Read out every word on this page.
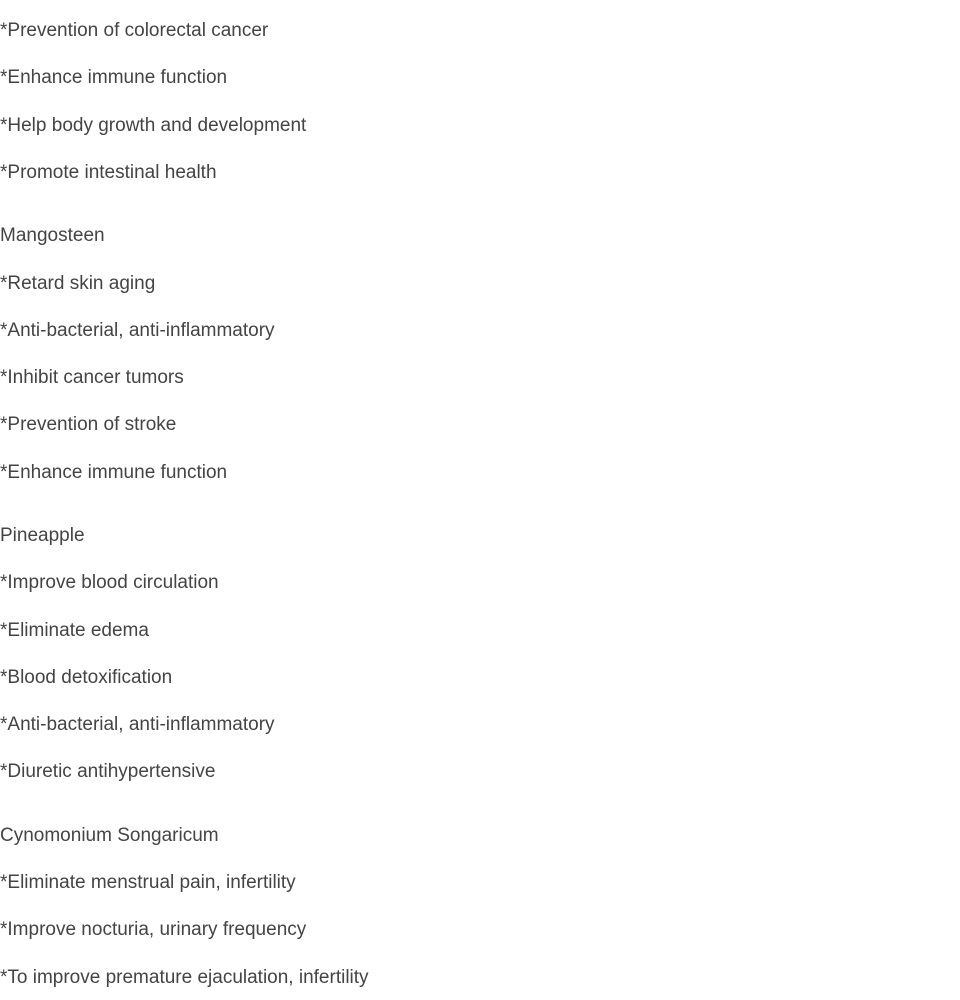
*Prevention of colorectal cancer
*Enhance immune function
*Help body growth and development
*Promote intestinal health
Mangosteen
*Retard skin aging
*Anti-bacterial, anti-inflammatory
*Inhibit cancer tumors
*Prevention of stroke
*Enhance immune function
Pineapple
*Improve blood circulation
*Eliminate edema
*Blood detoxification
*Anti-bacterial, anti-inflammatory
*Diuretic antihypertensive
Cynomonium Songaricum
*Eliminate menstrual pain, infertility
*Improve nocturia, urinary frequency
*To improve premature ejaculation, infertility
